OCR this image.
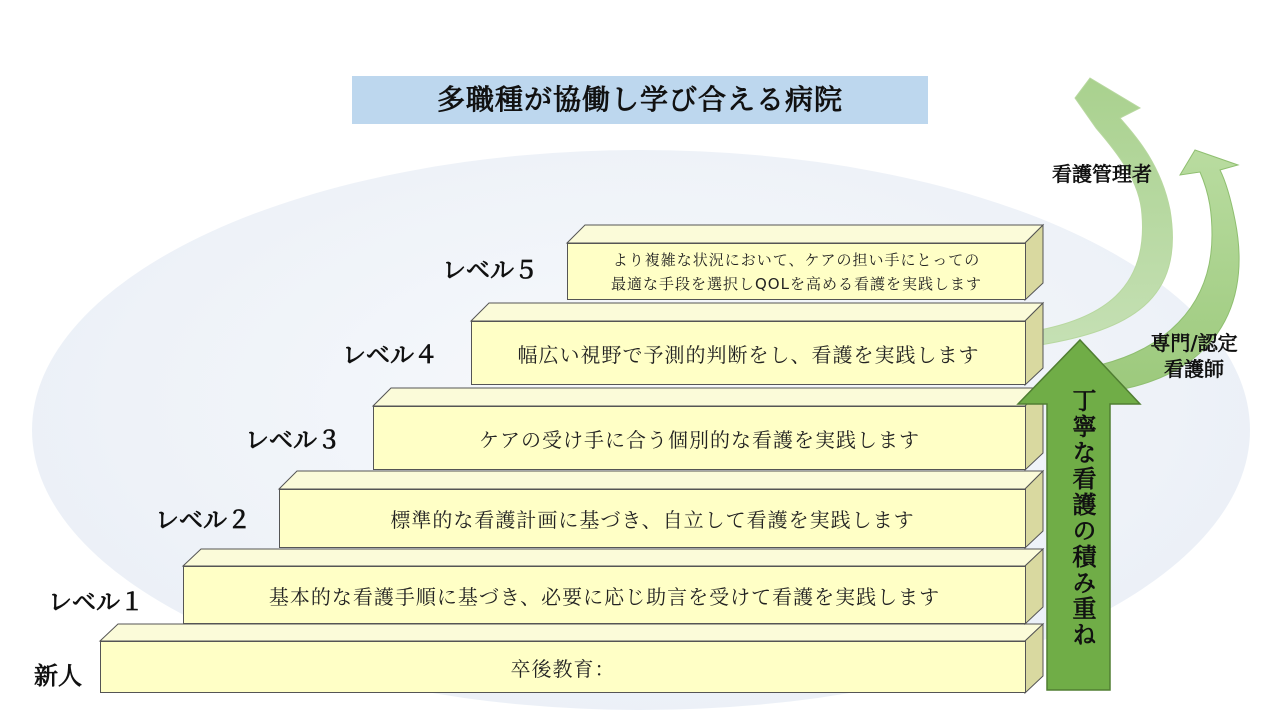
多職種が協働し学び合える病院
卒後教育：
基本的な看護手順に基づき、必要に応じ助言を受けて看護を実践します
標準的な看護計画に基づき、自立して看護を実践します
ケアの受け手に合う個別的な看護を実践します
幅広い視野で予測的判断をし、看護を実践します
より複雑な状況において、ケアの担い手にとっての
最適な手段を選択しQOLを高める看護を実践します
新人
レベル１
レベル２
レベル３
レベル４
レベル５
丁寧な看護の積み重ね
看護管理者
専門/認定
看護師
